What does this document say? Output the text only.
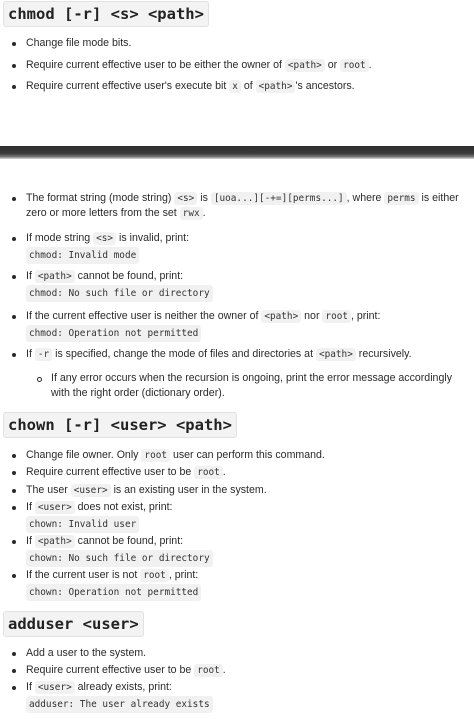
chmod [-r] <s> <path>
Change file mode bits.
Require current effective user to be either the owner of <path> or root .
Require current effective user's execute bit x of <path> 's ancestors.
The format string (mode string) <s> is [uoa...][-+=][perms...] , where perms is either
zero or more letters from the set rwx .
If mode string <s> is invalid, print:
chmod: Invalid mode
If <path> cannot be found, print:
chmod: No such file or directory
If the current effective user is neither the owner of <path> nor root , print:
chmod: Operation not permitted
If -r is specified, change the mode of files and directories at <path> recursively.
If any error occurs when the recursion is ongoing, print the error message accordingly
with the right order (dictionary order).
chown [-r] <user> <path>
Change file owner. Only root user can perform this command.
Require current effective user to be root .
The user <user> is an existing user in the system.
If <user> does not exist, print:
chown: Invalid user
If <path> cannot be found, print:
chown: No such file or directory
If the current user is not root , print:
chown: Operation not permitted
adduser <user>
Add a user to the system.
Require current effective user to be root .
If <user> already exists, print:
adduser: The user already exists
